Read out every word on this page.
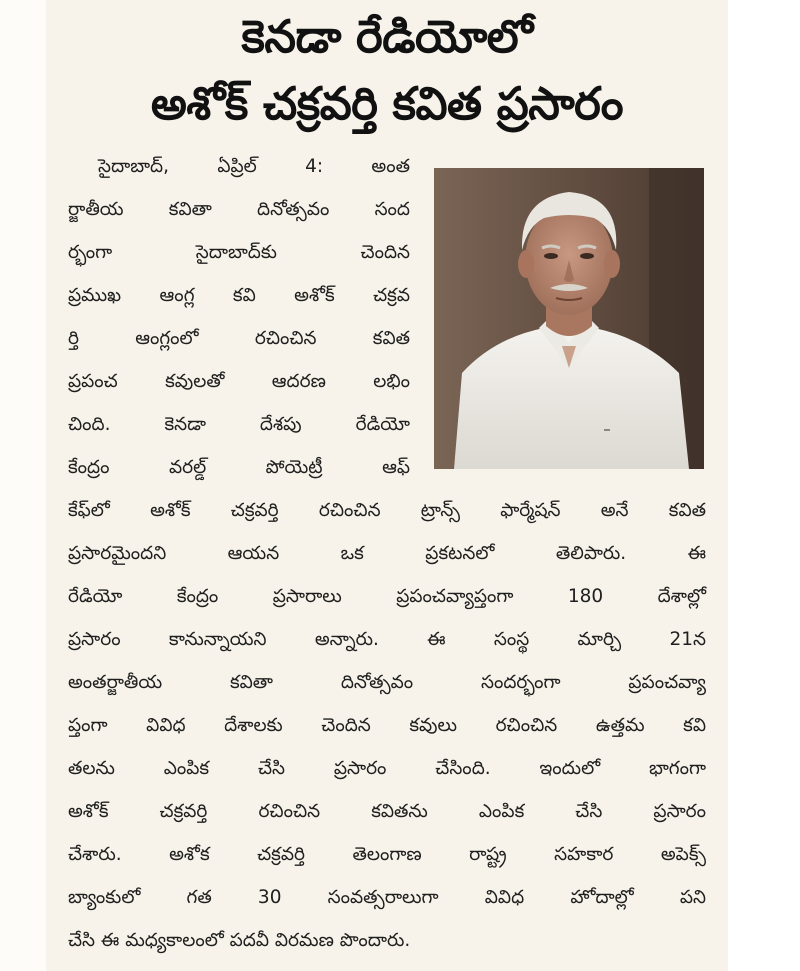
కెనడా రేడియోలో
అశోక్ చక్రవర్తి కవిత ప్రసారం
సైదాబాద్, ఏప్రిల్ 4: అంత
ర్జాతీయ కవితా దినోత్సవం సంద
ర్భంగా సైదాబాద్‌కు చెందిన
ప్రముఖ ఆంగ్ల కవి అశోక్ చక్రవ
ర్తి ఆంగ్లంలో రచించిన కవిత
ప్రపంచ కవులతో ఆదరణ లభిం
చింది. కెనడా దేశపు రేడియో
కేంద్రం వరల్డ్ పోయెట్రీ ఆఫ్
కేఫ్‌లో అశోక్ చక్రవర్తి రచించిన ట్రాన్స్ ఫార్మేషన్ అనే కవిత
ప్రసారమైందని ఆయన ఒక ప్రకటనలో తెలిపారు. ఈ
రేడియో కేంద్రం ప్రసారాలు ప్రపంచవ్యాప్తంగా 180 దేశాల్లో
ప్రసారం కానున్నాయని అన్నారు. ఈ సంస్థ మార్చి 21న
అంతర్జాతీయ కవితా దినోత్సవం సందర్భంగా ప్రపంచవ్యా
ప్తంగా వివిధ దేశాలకు చెందిన కవులు రచించిన ఉత్తమ కవి
తలను ఎంపిక చేసి ప్రసారం చేసింది. ఇందులో భాగంగా
అశోక్ చక్రవర్తి రచించిన కవితను ఎంపిక చేసి ప్రసారం
చేశారు. అశోక చక్రవర్తి తెలంగాణ రాష్ట్ర సహకార అపెక్స్
బ్యాంకులో గత 30 సంవత్సరాలుగా వివిధ హోదాల్లో పని
చేసి ఈ మధ్యకాలంలో పదవీ విరమణ పొందారు.
